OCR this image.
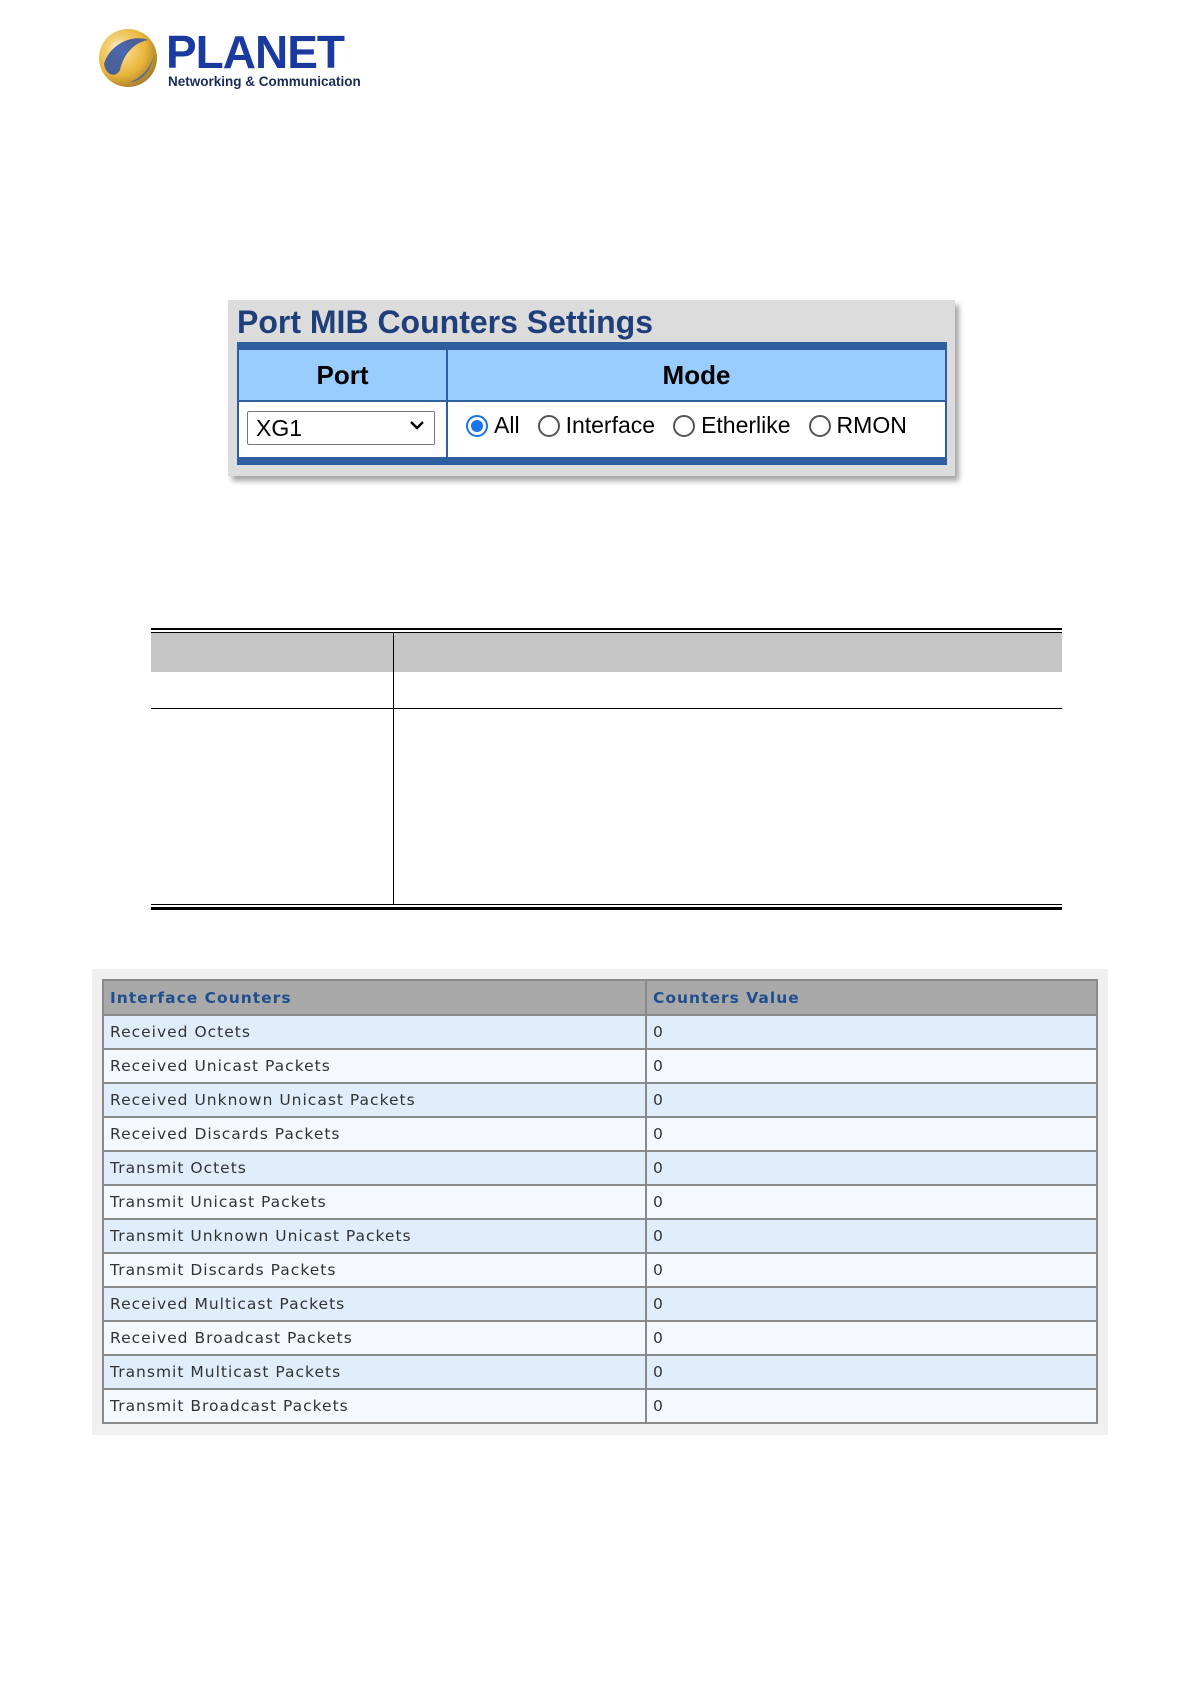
PLANET
Networking & Communication
Port MIB Counters Settings
Port	Mode
XG1	All Interface Etherlike RMON
Interface Counters	Counters Value
Received Octets	0
Received Unicast Packets	0
Received Unknown Unicast Packets	0
Received Discards Packets	0
Transmit Octets	0
Transmit Unicast Packets	0
Transmit Unknown Unicast Packets	0
Transmit Discards Packets	0
Received Multicast Packets	0
Received Broadcast Packets	0
Transmit Multicast Packets	0
Transmit Broadcast Packets	0
